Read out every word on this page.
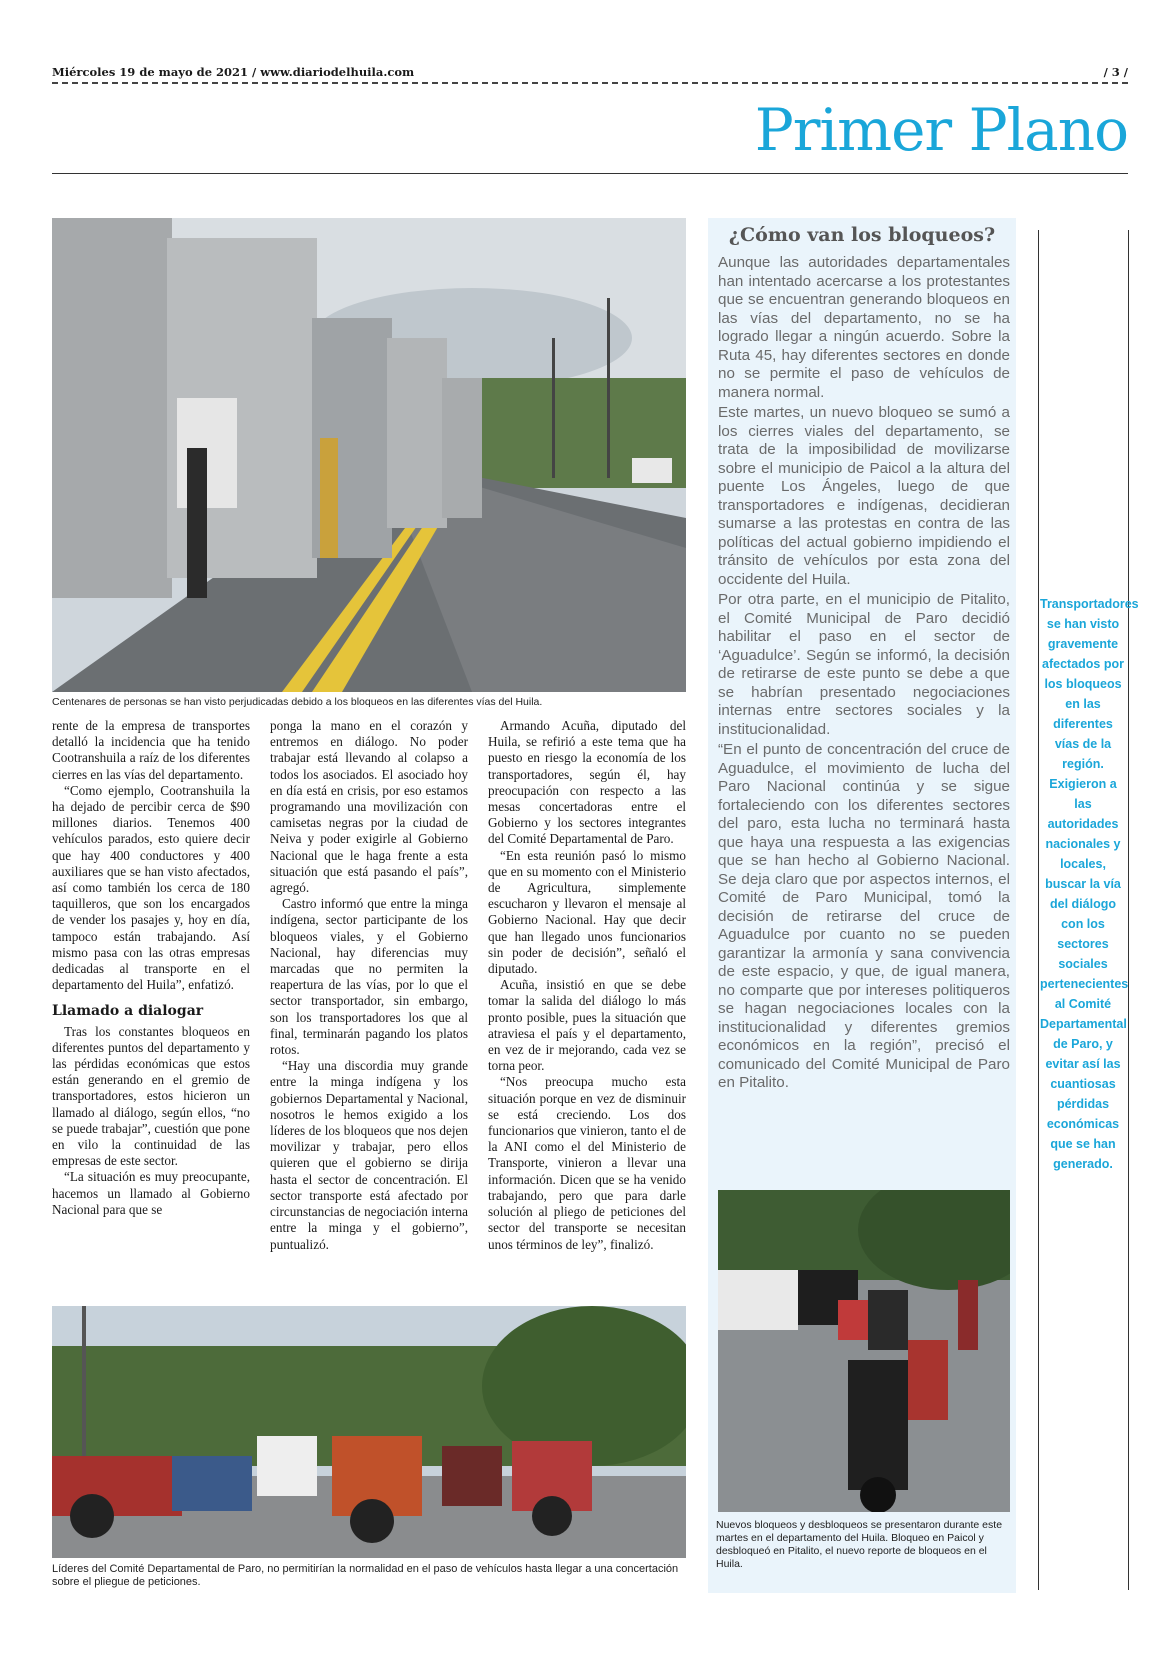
Miércoles 19 de mayo de 2021 / www.diariodelhuila.com	/ 3 /
Primer Plano
Centenares de personas se han visto perjudicadas debido a los bloqueos en las diferentes vías del Huila.

rente de la empresa de transportes detalló la incidencia que ha tenido Cootranshuila a raíz de los diferentes cierres en las vías del departamento.

“Como ejemplo, Cootranshuila la ha dejado de percibir cerca de $90 millones diarios. Tenemos 400 vehículos parados, esto quiere decir que hay 400 conductores y 400 auxiliares que se han visto afectados, así como también los cerca de 180 taquilleros, que son los encargados de vender los pasajes y, hoy en día, tampoco están trabajando. Así mismo pasa con las otras empresas dedicadas al transporte en el departamento del Huila”, enfatizó.

Llamado a dialogar

Tras los constantes bloqueos en diferentes puntos del departamento y las pérdidas económicas que estos están generando en el gremio de transportadores, estos hicieron un llamado al diálogo, según ellos, “no se puede trabajar”, cuestión que pone en vilo la continuidad de las empresas de este sector.

“La situación es muy preocupante, hacemos un llamado al Gobierno Nacional para que se

ponga la mano en el corazón y entremos en diálogo. No poder trabajar está llevando al colapso a todos los asociados. El asociado hoy en día está en crisis, por eso estamos programando una movilización con camisetas negras por la ciudad de Neiva y poder exigirle al Gobierno Nacional que le haga frente a esta situación que está pasando el país”, agregó.

Castro informó que entre la minga indígena, sector participante de los bloqueos viales, y el Gobierno Nacional, hay diferencias muy marcadas que no permiten la reapertura de las vías, por lo que el sector transportador, sin embargo, son los transportadores los que al final, terminarán pagando los platos rotos.

“Hay una discordia muy grande entre la minga indígena y los gobiernos Departamental y Nacional, nosotros le hemos exigido a los líderes de los bloqueos que nos dejen movilizar y trabajar, pero ellos quieren que el gobierno se dirija hasta el sector de concentración. El sector transporte está afectado por circunstancias de negociación interna entre la minga y el gobierno”, puntualizó.

Armando Acuña, diputado del Huila, se refirió a este tema que ha puesto en riesgo la economía de los transportadores, según él, hay preocupación con respecto a las mesas concertadoras entre el Gobierno y los sectores integrantes del Comité Departamental de Paro.

“En esta reunión pasó lo mismo que en su momento con el Ministerio de Agricultura, simplemente escucharon y llevaron el mensaje al Gobierno Nacional. Hay que decir que han llegado unos funcionarios sin poder de decisión”, señaló el diputado.

Acuña, insistió en que se debe tomar la salida del diálogo lo más pronto posible, pues la situación que atraviesa el país y el departamento, en vez de ir mejorando, cada vez se torna peor.

“Nos preocupa mucho esta situación porque en vez de disminuir se está creciendo. Los dos funcionarios que vinieron, tanto el de la ANI como el del Ministerio de Transporte, vinieron a llevar una información. Dicen que se ha venido trabajando, pero que para darle solución al pliego de peticiones del sector del transporte se necesitan unos términos de ley”, finalizó.

Líderes del Comité Departamental de Paro, no permitirían la normalidad en el paso de vehículos hasta llegar a una concertación sobre el pliegue de peticiones.
¿Cómo van los bloqueos?

Aunque las autoridades departamentales han intentado acercarse a los protestantes que se encuentran generando bloqueos en las vías del departamento, no se ha logrado llegar a ningún acuerdo. Sobre la Ruta 45, hay diferentes sectores en donde no se permite el paso de vehículos de manera normal.

Este martes, un nuevo bloqueo se sumó a los cierres viales del departamento, se trata de la imposibilidad de movilizarse sobre el municipio de Paicol a la altura del puente Los Ángeles, luego de que transportadores e indígenas, decidieran sumarse a las protestas en contra de las políticas del actual gobierno impidiendo el tránsito de vehículos por esta zona del occidente del Huila.

Por otra parte, en el municipio de Pitalito, el Comité Municipal de Paro decidió habilitar el paso en el sector de ‘Aguadulce’. Según se informó, la decisión de retirarse de este punto se debe a que se habrían presentado negociaciones internas entre sectores sociales y la institucionalidad.

“En el punto de concentración del cruce de Aguadulce, el movimiento de lucha del Paro Nacional continúa y se sigue fortaleciendo con los diferentes sectores del paro, esta lucha no terminará hasta que haya una respuesta a las exigencias que se han hecho al Gobierno Nacional. Se deja claro que por aspectos internos, el Comité de Paro Municipal, tomó la decisión de retirarse del cruce de Aguadulce por cuanto no se pueden garantizar la armonía y sana convivencia de este espacio, y que, de igual manera, no comparte que por intereses politiqueros se hagan negociaciones locales con la institucionalidad y diferentes gremios económicos en la región”, precisó el comunicado del Comité Municipal de Paro en Pitalito.

Nuevos bloqueos y desbloqueos se presentaron durante este martes en el departamento del Huila. Bloqueo en Paicol y desbloqueó en Pitalito, el nuevo reporte de bloqueos en el Huila.
Transportadores se han visto gravemente afectados por los bloqueos en las diferentes vías de la región. Exigieron a las autoridades nacionales y locales, buscar la vía del diálogo con los sectores sociales pertenecientes al Comité Departamental de Paro, y evitar así las cuantiosas pérdidas económicas que se han generado.
